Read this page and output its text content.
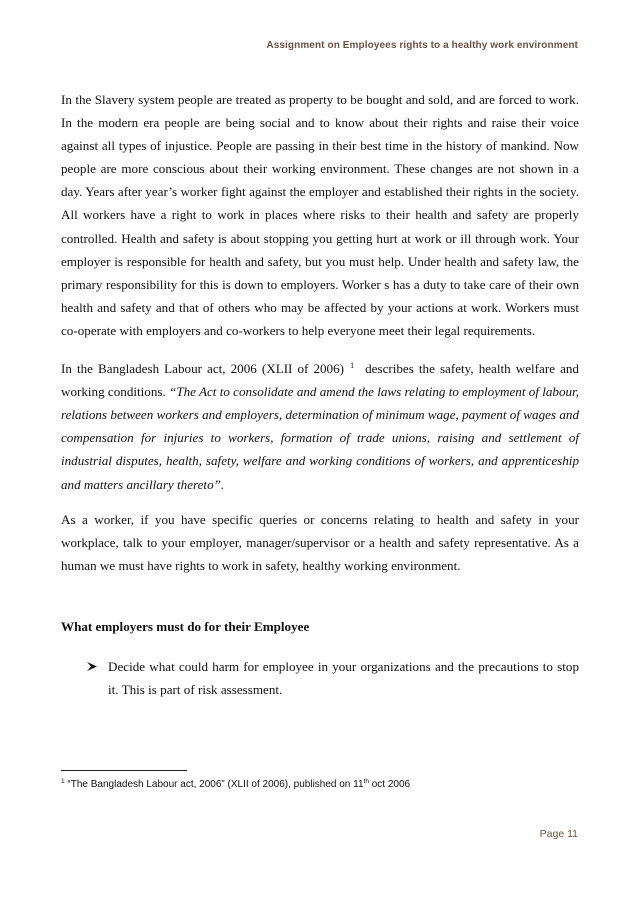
Assignment on Employees rights to a healthy work environment

In the Slavery system people are treated as property to be bought and sold, and are forced to work. In the modern era people are being social and to know about their rights and raise their voice against all types of injustice. People are passing in their best time in the history of mankind. Now people are more conscious about their working environment. These changes are not shown in a day. Years after year’s worker fight against the employer and established their rights in the society. All workers have a right to work in places where risks to their health and safety are properly controlled. Health and safety is about stopping you getting hurt at work or ill through work. Your employer is responsible for health and safety, but you must help. Under health and safety law, the primary responsibility for this is down to employers. Worker s has a duty to take care of their own health and safety and that of others who may be affected by your actions at work. Workers must co-operate with employers and co-workers to help everyone meet their legal requirements.

In the Bangladesh Labour act, 2006 (XLII of 2006) $^1$ describes the safety, health welfare and working conditions. “The Act to consolidate and amend the laws relating to employment of labour, relations between workers and employers, determination of minimum wage, payment of wages and compensation for injuries to workers, formation of trade unions, raising and settlement of industrial disputes, health, safety, welfare and working conditions of workers, and apprenticeship and matters ancillary thereto”.

As a worker, if you have specific queries or concerns relating to health and safety in your workplace, talk to your employer, manager/supervisor or a health and safety representative. As a human we must have rights to work in safety, healthy working environment.

What employers must do for their Employee
Decide what could harm for employee in your organizations and the precautions to stop it. This is part of risk assessment.
$^1$ “The Bangladesh Labour act, 2006” (XLII of 2006), published on 11th oct 2006
Page 11
